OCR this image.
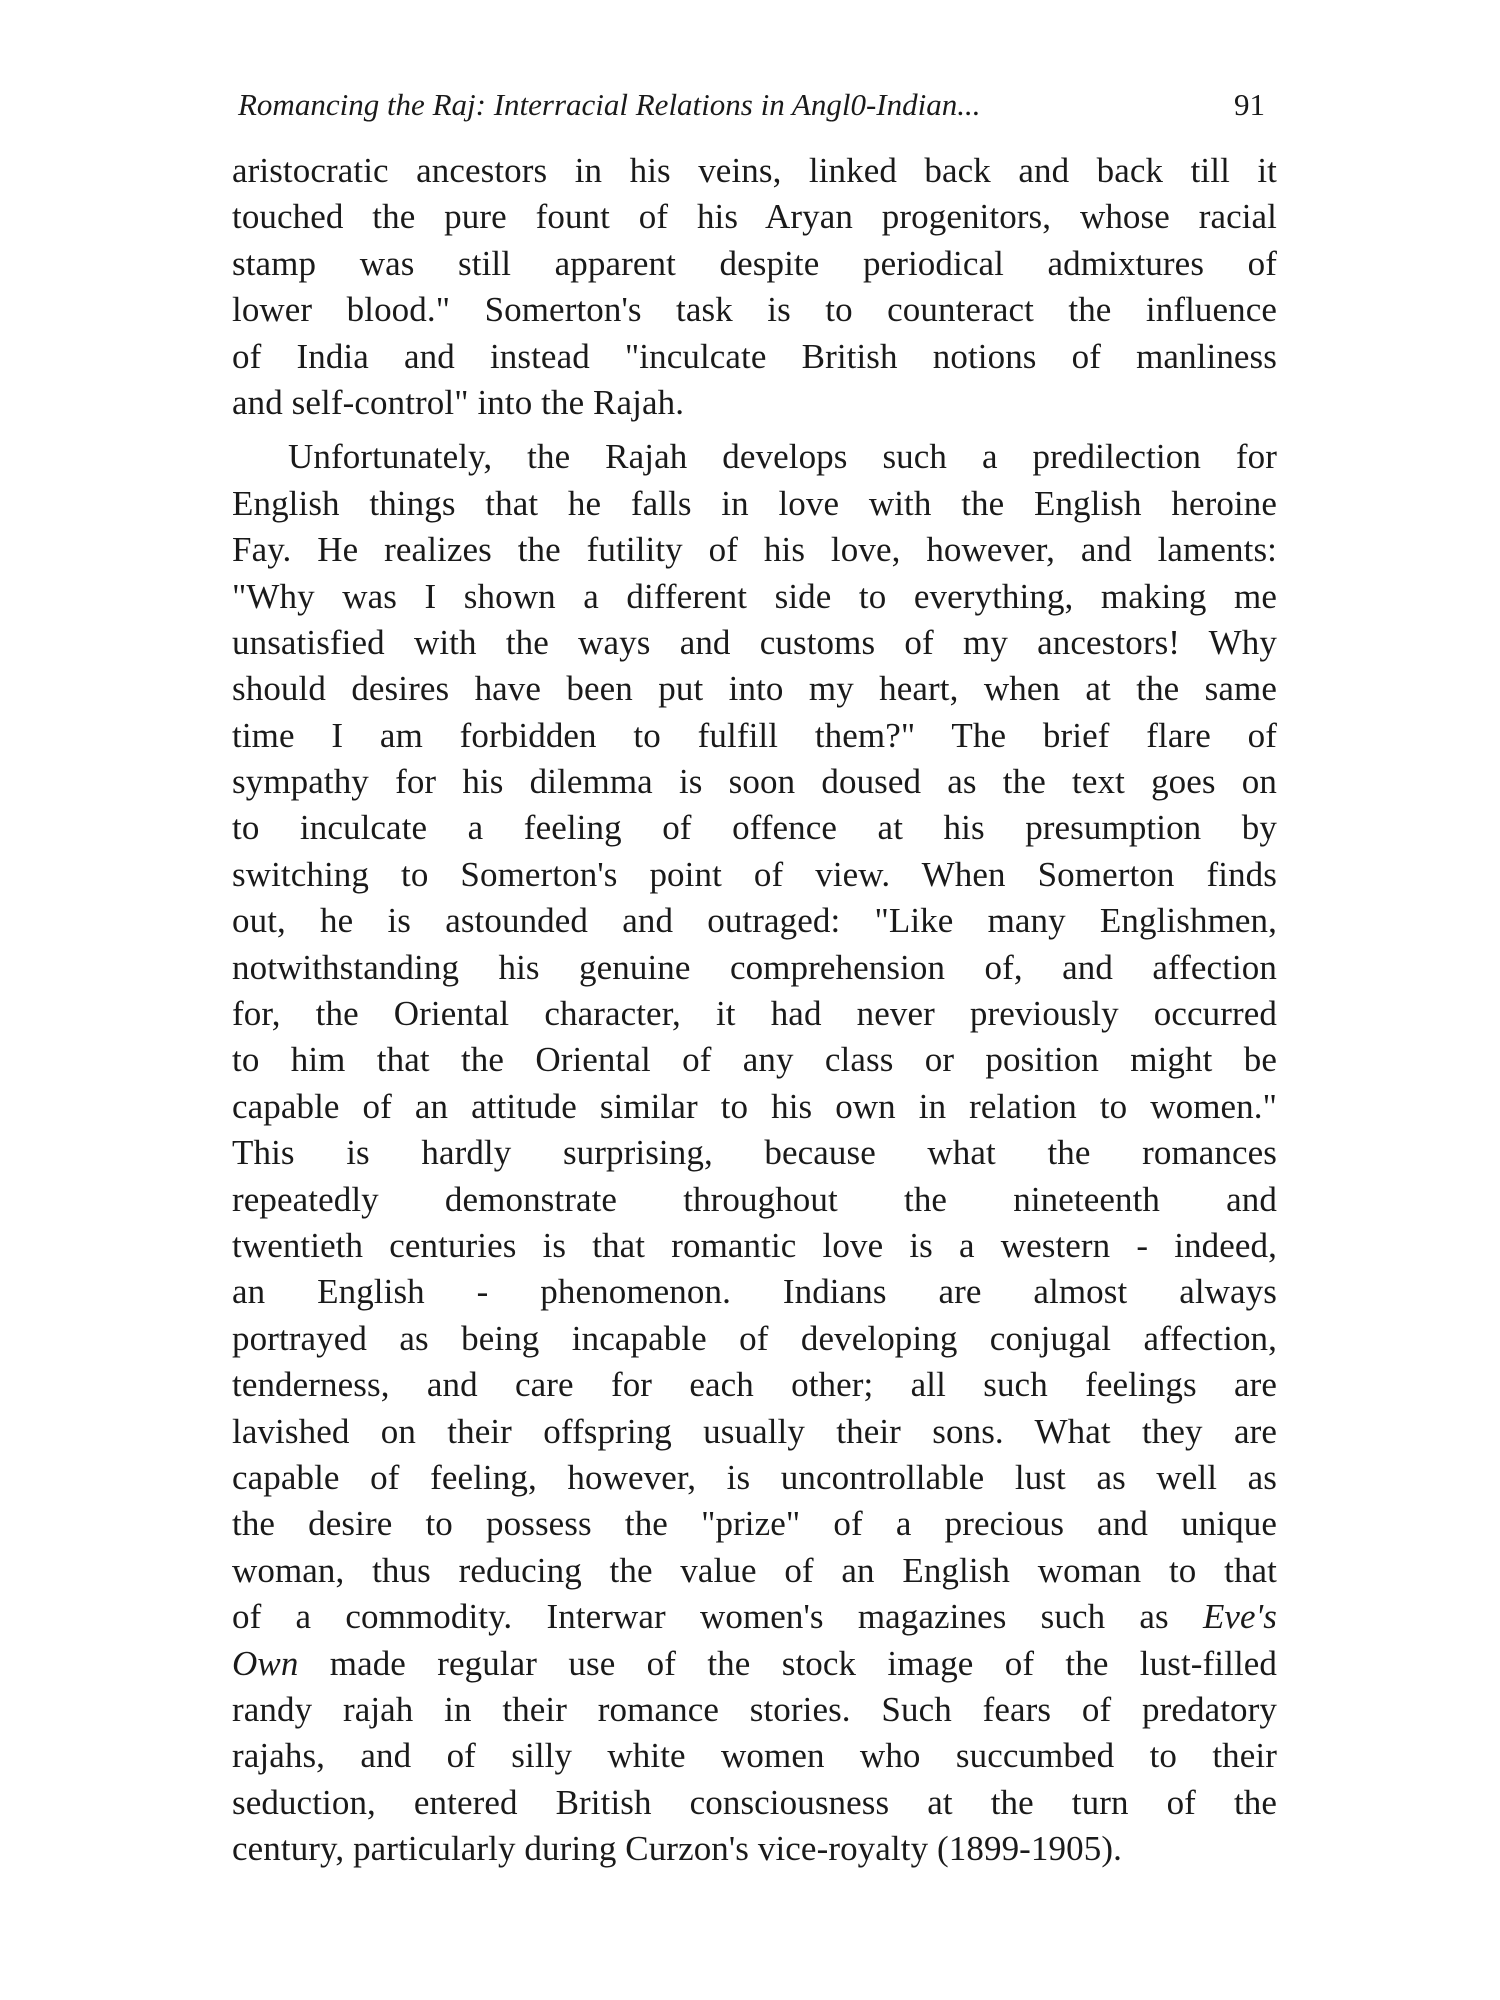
Romancing the Raj: Interracial Relations in Angl0-Indian...	91

aristocratic ancestors in his veins, linked back and back till it
touched the pure fount of his Aryan progenitors, whose racial
stamp was still apparent despite periodical admixtures of
lower blood." Somerton's task is to counteract the influence
of India and instead "inculcate British notions of manliness
and self-control" into the Rajah.

Unfortunately, the Rajah develops such a predilection for
English things that he falls in love with the English heroine
Fay. He realizes the futility of his love, however, and laments:
"Why was I shown a different side to everything, making me
unsatisfied with the ways and customs of my ancestors! Why
should desires have been put into my heart, when at the same
time I am forbidden to fulfill them?" The brief flare of
sympathy for his dilemma is soon doused as the text goes on
to inculcate a feeling of offence at his presumption by
switching to Somerton's point of view. When Somerton finds
out, he is astounded and outraged: "Like many Englishmen,
notwithstanding his genuine comprehension of, and affection
for, the Oriental character, it had never previously occurred
to him that the Oriental of any class or position might be
capable of an attitude similar to his own in relation to women."
This is hardly surprising, because what the romances
repeatedly demonstrate throughout the nineteenth and
twentieth centuries is that romantic love is a western - indeed,
an English - phenomenon. Indians are almost always
portrayed as being incapable of developing conjugal affection,
tenderness, and care for each other; all such feelings are
lavished on their offspring usually their sons. What they are
capable of feeling, however, is uncontrollable lust as well as
the desire to possess the "prize" of a precious and unique
woman, thus reducing the value of an English woman to that
of a commodity. Interwar women's magazines such as Eve's
Own made regular use of the stock image of the lust-filled
randy rajah in their romance stories. Such fears of predatory
rajahs, and of silly white women who succumbed to their
seduction, entered British consciousness at the turn of the
century, particularly during Curzon's vice-royalty (1899-1905).
